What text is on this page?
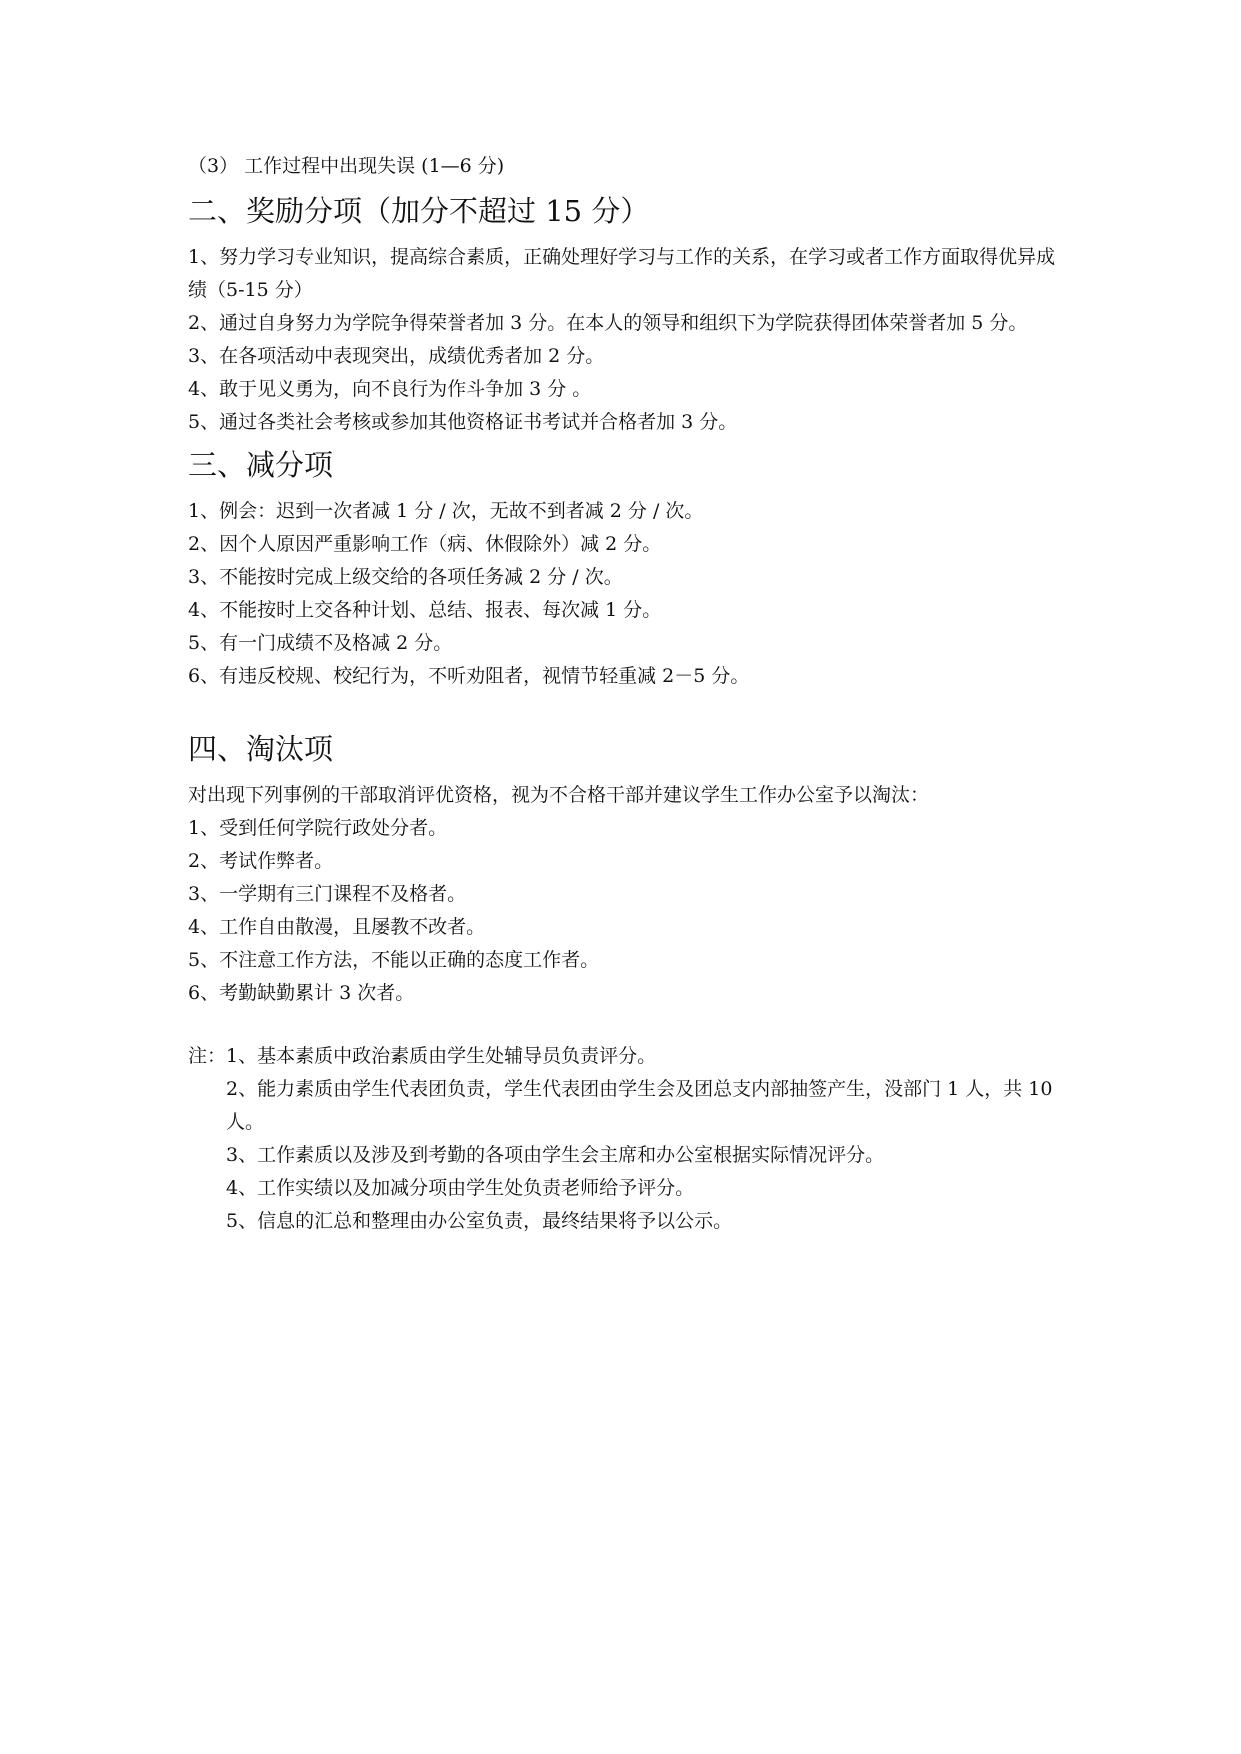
（3） 工作过程中出现失误 (1—6 分)
二、奖励分项（加分不超过 15 分）
1、努力学习专业知识，提高综合素质，正确处理好学习与工作的关系，在学习或者工作方面取得优异成绩（5-15 分）
2、通过自身努力为学院争得荣誉者加 3 分。在本人的领导和组织下为学院获得团体荣誉者加 5 分。
3、在各项活动中表现突出，成绩优秀者加 2 分。
4、敢于见义勇为，向不良行为作斗争加 3 分 。
5、通过各类社会考核或参加其他资格证书考试并合格者加 3 分。
三、减分项
1、例会：迟到一次者减 1 分 / 次，无故不到者减 2 分 / 次。
2、因个人原因严重影响工作（病、休假除外）减 2 分。
3、不能按时完成上级交给的各项任务减 2 分 / 次。
4、不能按时上交各种计划、总结、报表、每次减 1 分。
5、有一门成绩不及格减 2 分。
6、有违反校规、校纪行为，不听劝阻者，视情节轻重减 2－5 分。
四、淘汰项
对出现下列事例的干部取消评优资格，视为不合格干部并建议学生工作办公室予以淘汰：
1、受到任何学院行政处分者。
2、考试作弊者。
3、一学期有三门课程不及格者。
4、工作自由散漫，且屡教不改者。
5、不注意工作方法，不能以正确的态度工作者。
6、考勤缺勤累计 3 次者。
注：1、基本素质中政治素质由学生处辅导员负责评分。
2、能力素质由学生代表团负责，学生代表团由学生会及团总支内部抽签产生，没部门 1 人，共 10 人。
3、工作素质以及涉及到考勤的各项由学生会主席和办公室根据实际情况评分。
4、工作实绩以及加减分项由学生处负责老师给予评分。
5、信息的汇总和整理由办公室负责，最终结果将予以公示。
